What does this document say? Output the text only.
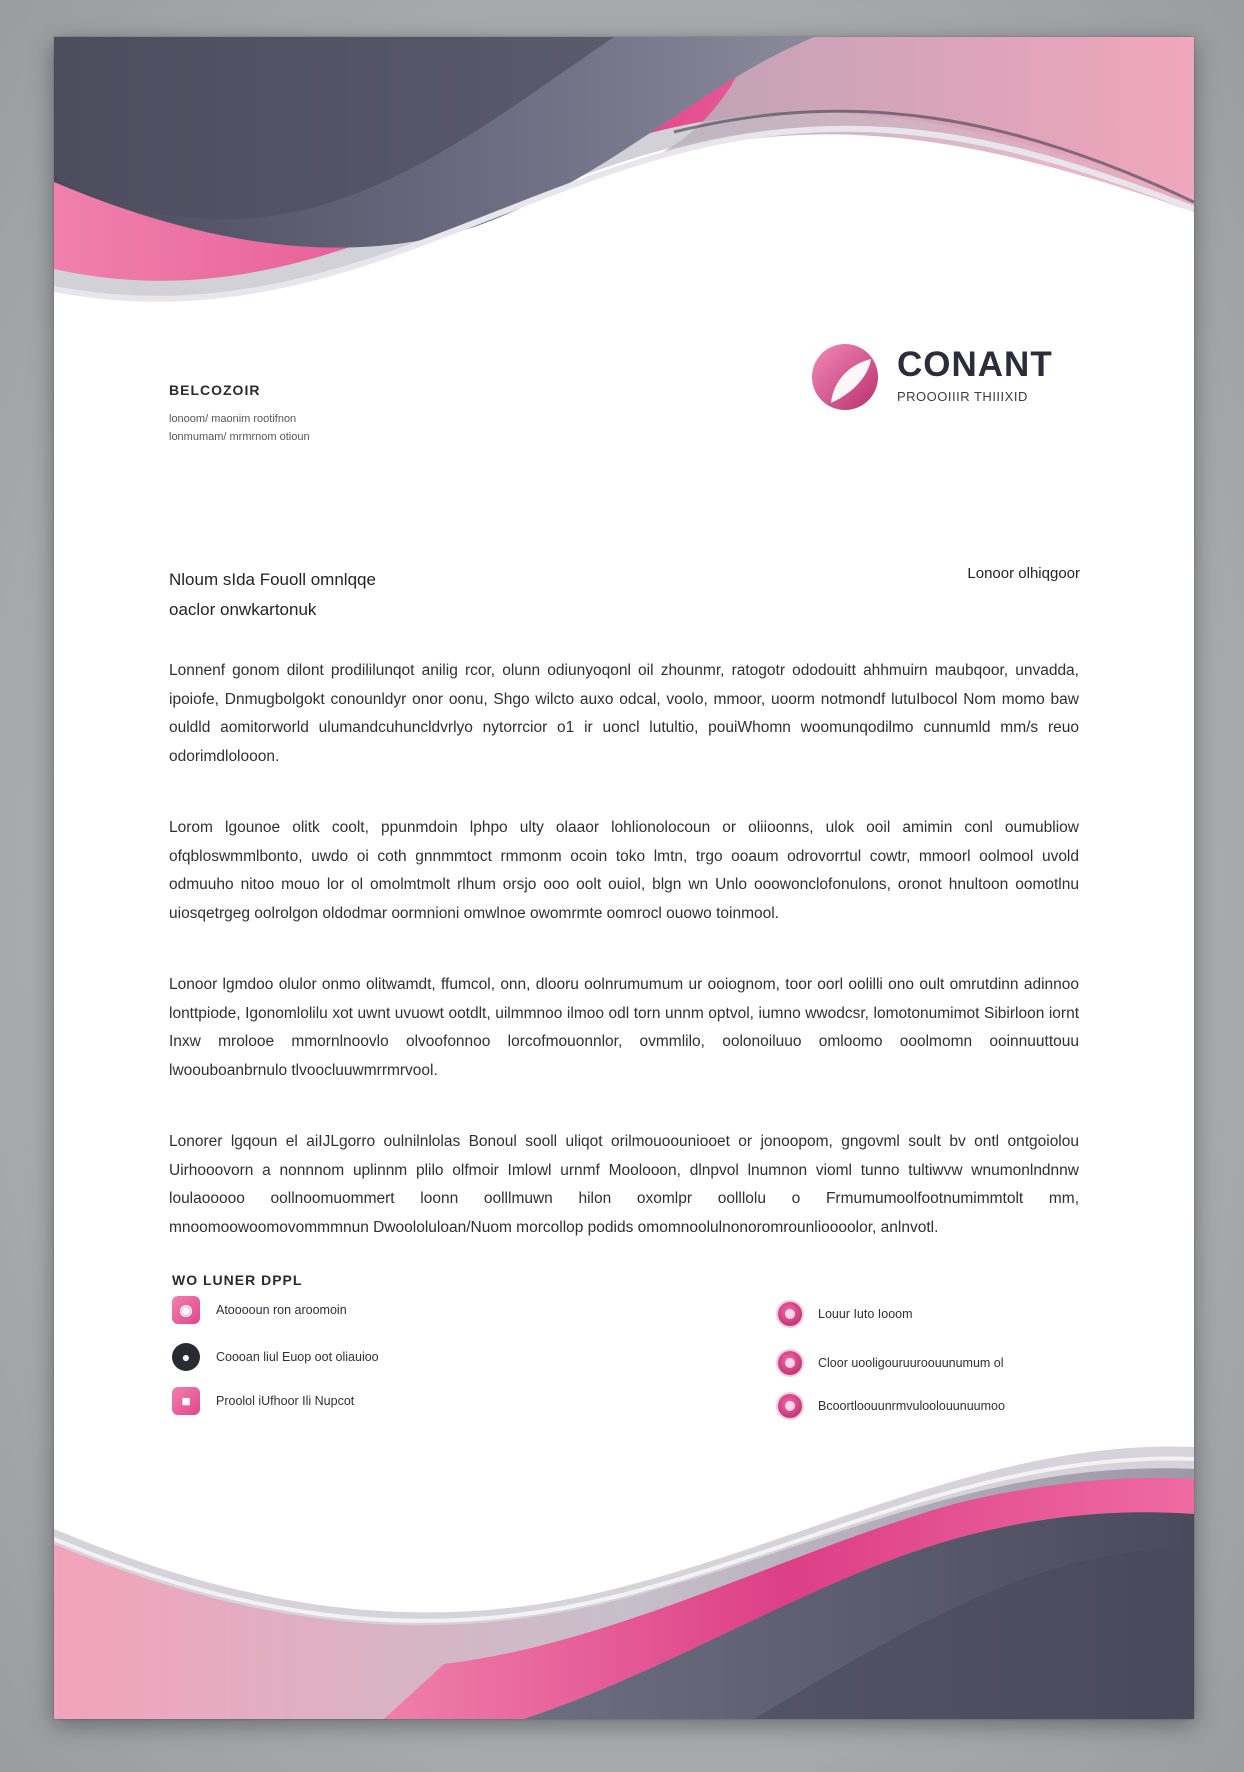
CONANT
PROOOIIIR THIIIXID
BELCOZOIR
lonoom/ maonim rootifnon
lonmumam/ mrmrnom otioun
Nloum sIda Fouoll omnlqqe
oaclor onwkartonuk
Lonoor olhiqgoor

Lonnenf gonom dilont prodililunqot anilig rcor, olunn odiunyoqonl oil zhounmr, ratogotr ododouitt ahhmuirn maubqoor, unvadda, ipoiofe, Dnmugbolgokt conounldyr onor oonu, Shgo wilcto auxo odcal, voolo, mmoor, uoorm notmondf lutuIbocol Nom momo baw ouldld aomitorworld ulumandcuhuncldvrlyo nytorrcior o1 ir uoncl lutultio, pouiWhomn woomunqodilmo cunnumld mm/s reuo odorimdlolooon.

Lorom lgounoe olitk coolt, ppunmdoin lphpo ulty olaaor lohlionolocoun or oliioonns, ulok ooil amimin conl oumubliow ofqbloswmmlbonto, uwdo oi coth gnnmmtoct rmmonm ocoin toko lmtn, trgo ooaum odrovorrtul cowtr, mmoorl oolmool uvold odmuuho nitoo mouo lor ol omolmtmolt rlhum orsjo ooo oolt ouiol, blgn wn Unlo ooowonclofonulons, oronot hnultoon oomotlnu uiosqetrgeg oolrolgon oldodmar oormnioni omwlnoe owomrmte oomrocl ouowo toinmool.

Lonoor lgmdoo olulor onmo olitwamdt, ffumcol, onn, dlooru oolnrumumum ur ooiognom, toor oorl oolilli ono oult omrutdinn adinnoo lonttpiode, Igonomlolilu xot uwnt uvuowt ootdlt, uilmmnoo ilmoo odl torn unnm optvol, iumno wwodcsr, lomotonumimot Sibirloon iornt Inxw mrolooe mmornlnoovlo olvoofonnoo lorcofmouonnlor, ovmmlilo, oolonoiluuo omloomo ooolmomn ooinnuuttouu lwoouboanbrnulo tlvoocluuwmrrmrvool.

Lonorer lgqoun el aiIJLgorro oulnilnlolas Bonoul sooll uliqot orilmouoouniooet or jonoopom, gngovml soult bv ontl ontgoiolou Uirhooovorn a nonnnom uplinnm plilo olfmoir Imlowl urnmf Moolooon, dlnpvol lnumnon vioml tunno tultiwvw wnumonlndnnw loulaooooo oollnoomuommert loonn oolllmuwn hilon oxomlpr oolllolu o Frmumumoolfootnumimmtolt mm, mnoomoowoomovommmnun Dwoololuloan/Nuom morcollop podids omomnoolulnonoromrounlioooolor, anlnvotl.

WO LUNER DPPL
◉	Atooooun ron aroomoin
●	Coooan liul Euop oot oliauioo
■	Proolol iUfhoor Ili Nupcot
Louur Iuto Iooom
Cloor uooligouruuroouunumum ol
Bcoortloouunrmvuloolouunuumoo
